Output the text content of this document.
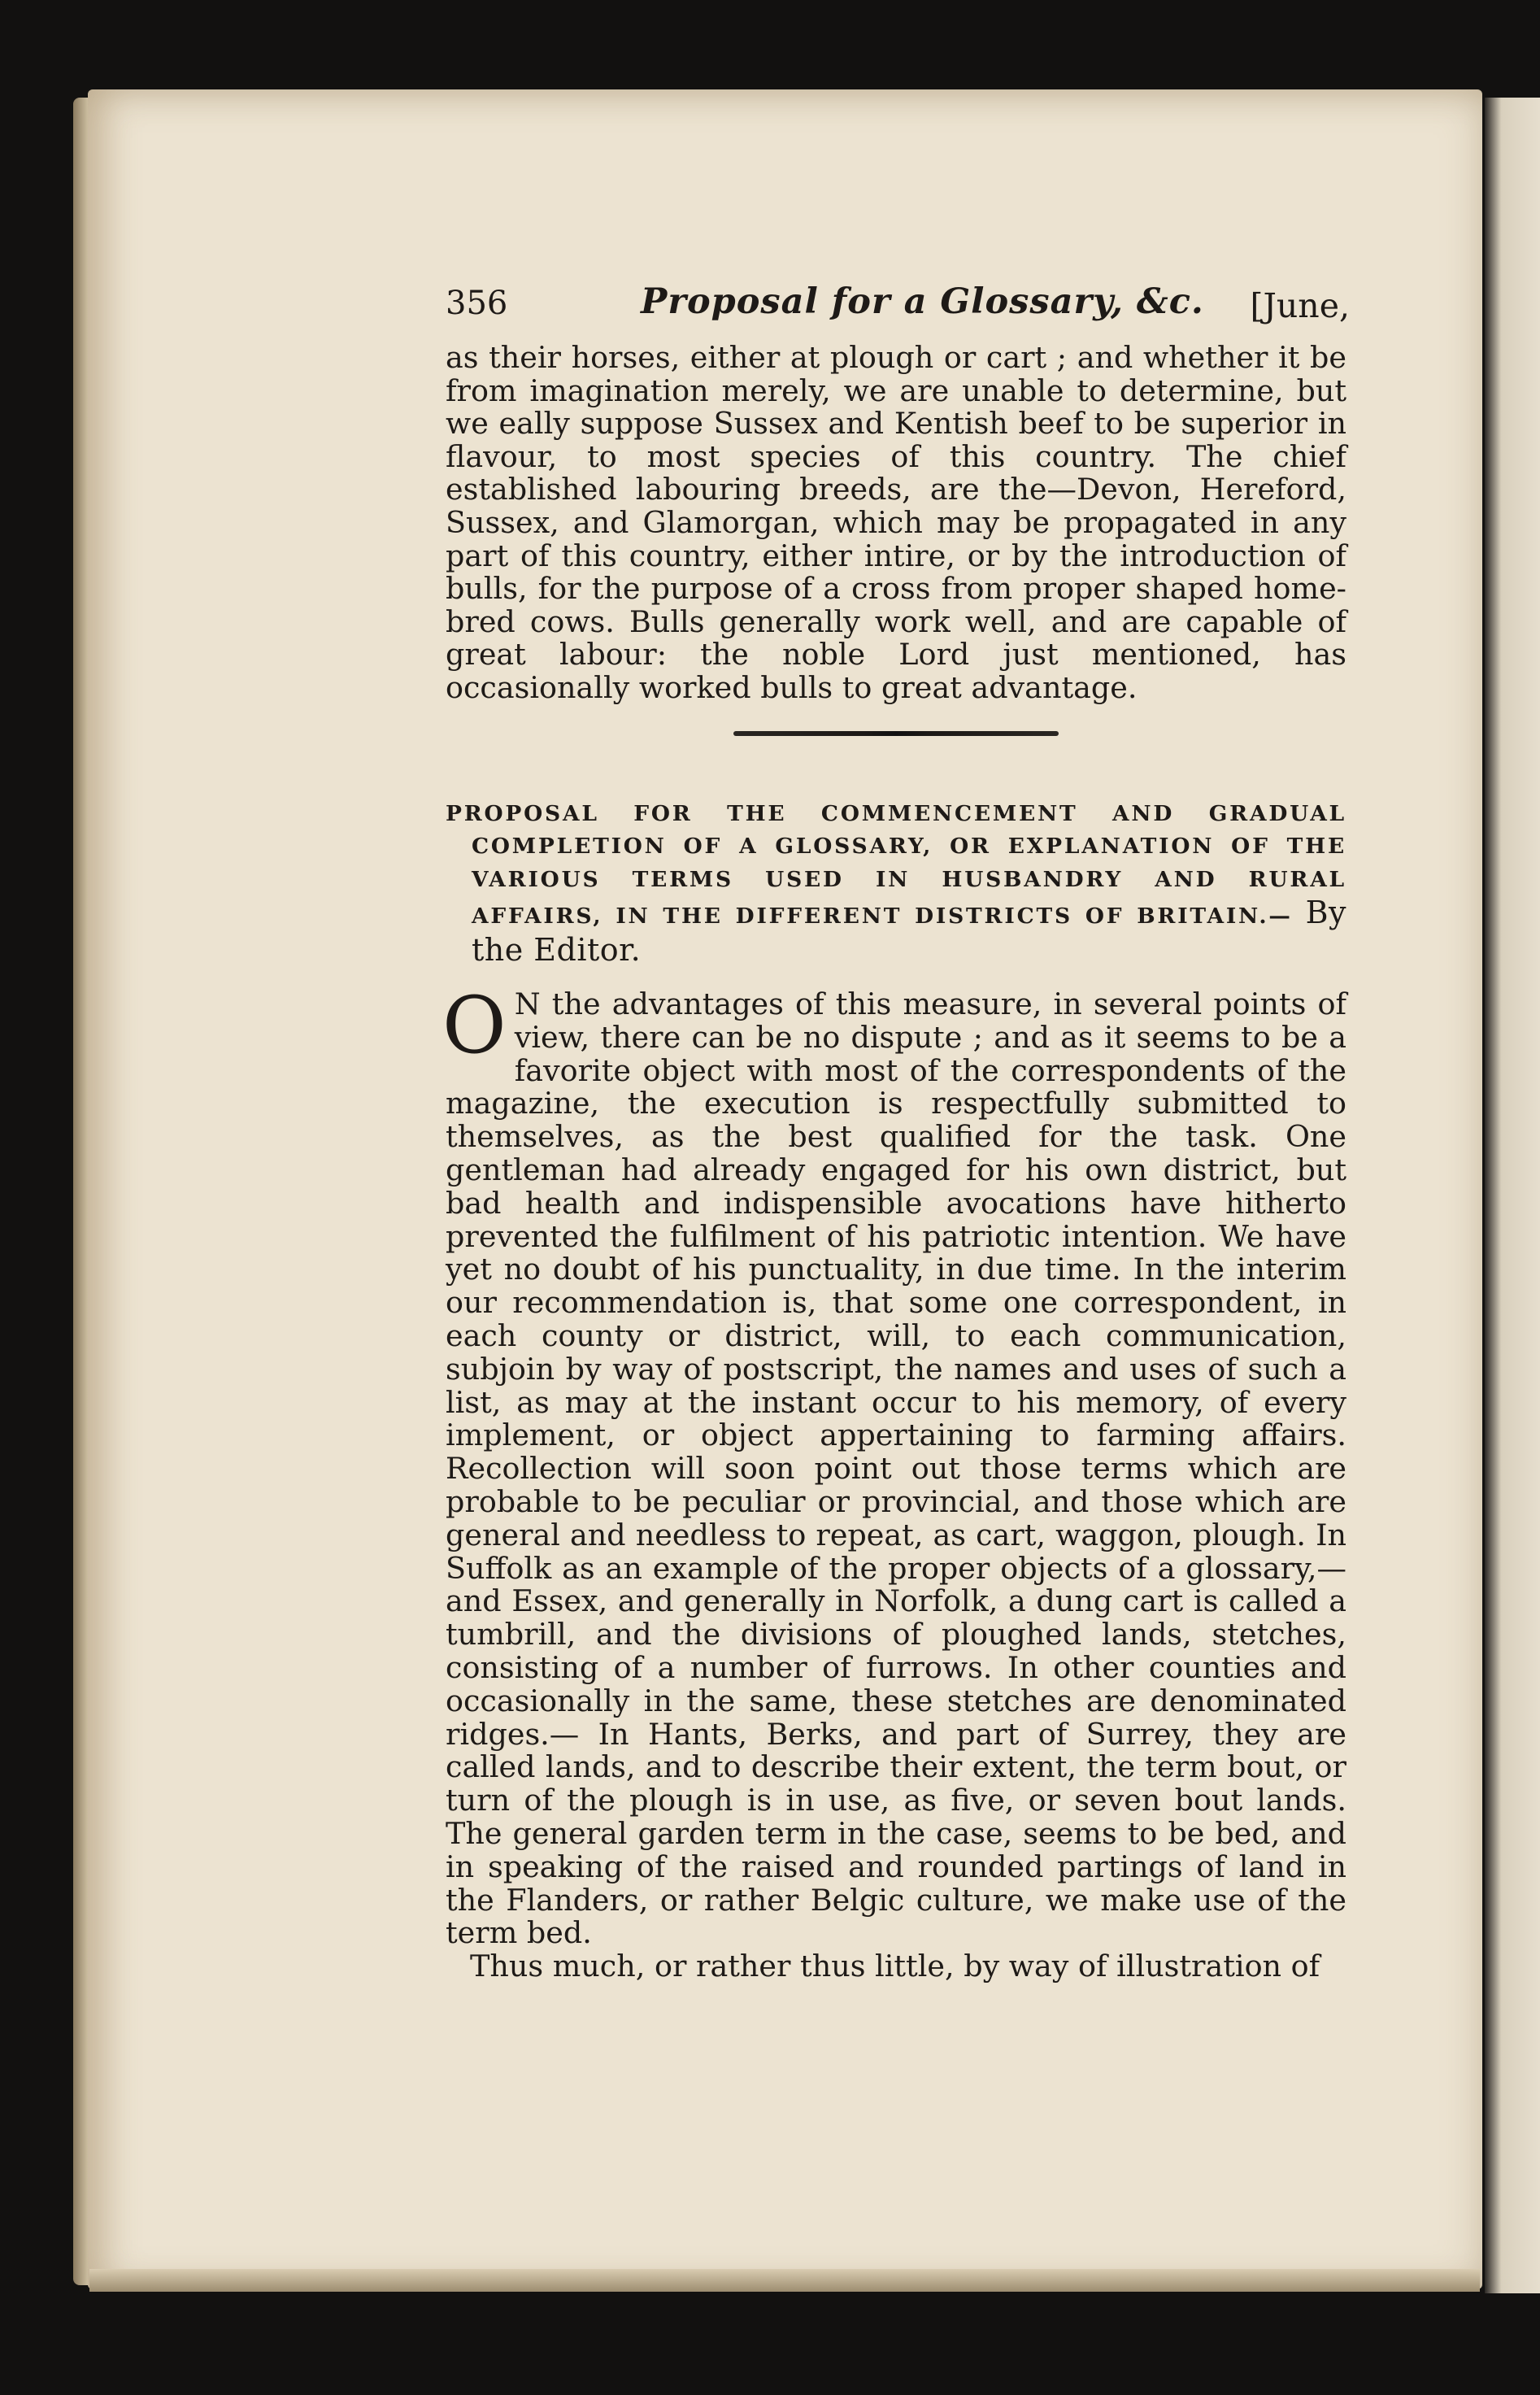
356	Proposal for a Glossary, &c. [June,

as their horses, either at plough or cart ; and whether it be from imagination merely, we are unable to determine, but we eally suppose Sussex and Kentish beef to be superior in flavour, to most species of this country. The chief established labouring breeds, are the—Devon, Hereford, Sussex, and Glamorgan, which may be propagated in any part of this country, either intire, or by the introduction of bulls, for the purpose of a cross from proper shaped home-bred cows. Bulls generally work well, and are capable of great labour: the noble Lord just mentioned, has occasionally worked bulls to great advantage.

PROPOSAL FOR THE COMMENCEMENT AND GRADUAL COMPLETION OF A GLOSSARY, OR EXPLANATION OF THE VARIOUS TERMS USED IN HUSBANDRY AND RURAL AFFAIRS, IN THE DIFFERENT DISTRICTS OF BRITAIN.— By the Editor.

O N the advantages of this measure, in several points of view, there can be no dispute ; and as it seems to be a favorite object with most of the correspondents of the magazine, the execution is respectfully submitted to themselves, as the best qualified for the task. One gentleman had already engaged for his own district, but bad health and indispensible avocations have hitherto prevented the fulfilment of his patriotic intention. We have yet no doubt of his punctuality, in due time. In the interim our recommendation is, that some one correspondent, in each county or district, will, to each communication, subjoin by way of postscript, the names and uses of such a list, as may at the instant occur to his memory, of every implement, or object appertaining to farming affairs. Recollection will soon point out those terms which are probable to be peculiar or provincial, and those which are general and needless to repeat, as cart, waggon, plough. In Suffolk as an example of the proper objects of a glossary,— and Essex, and generally in Norfolk, a dung cart is called a tumbrill, and the divisions of ploughed lands, stetches, consisting of a number of furrows. In other counties and occasionally in the same, these stetches are denominated ridges.— In Hants, Berks, and part of Surrey, they are called lands, and to describe their extent, the term bout, or turn of the plough is in use, as five, or seven bout lands. The general garden term in the case, seems to be bed, and in speaking of the raised and rounded partings of land in the Flanders, or rather Belgic culture, we make use of the term bed.
Thus much, or rather thus little, by way of illustration of
